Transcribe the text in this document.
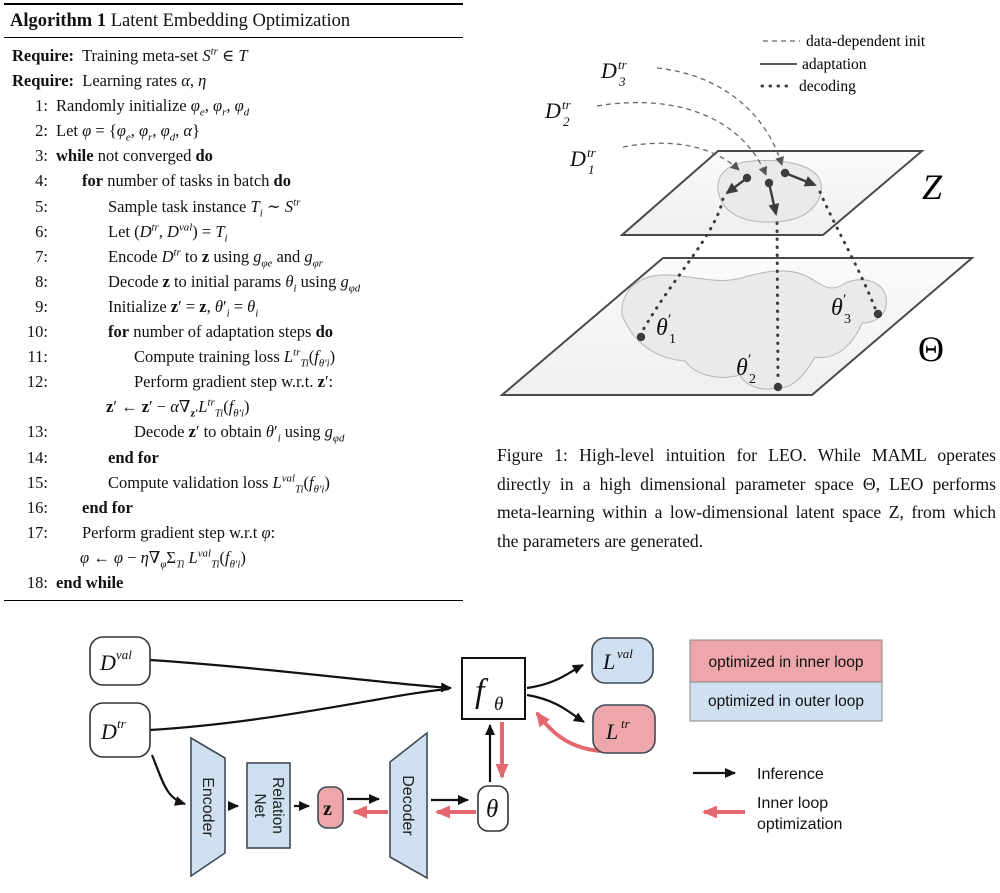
Algorithm 1 Latent Embedding Optimization
Require:  Training meta-set $S^{tr}$ ∈ T
Require:  Learning rates α, η
1: Randomly initialize $\varphi_e$, $\varphi_r$, $\varphi_d$
2: Let $\varphi = \{\varphi_e$, $\varphi_r$, $\varphi_d$, α}
3: while not converged do
4: for number of tasks in batch do
5:	Sample task instance $T_i$ ∼ $S^{tr}$
6:	Let ($D^{tr}$, $D^{val}) = T_i$
7:	Encode $D^{tr}$ to z using $g_{\varphi e}$ and $g_{\varphi r}$
8:	Decode z to initial params $\theta_i$ using $g_{\varphi d}$
9:	Initialize z′ = z, $\theta'_i = \theta_i$
10:	for number of adaptation steps do
11:	Compute training loss $L^{tr}_{Ti}(f_{\theta'i})$
12:	Perform gradient step w.r.t. z′:
z′ ← $z' - \alpha\nabla_{z'}L^{tr}_{Ti}(f_{\theta'i})$
13:	Decode z′ to obtain $\theta'_i$ using $g_{\varphi d}$
14:	end for
15:	Compute validation loss $L^{val}_{Ti}(f_{\theta'i})$
16: end for
17: Perform gradient step w.r.t φ:
φ ← $\varphi - \eta\nabla_\varphi\Sigma_{Ti}$ $L^{val}_{Ti}(f_{\theta'i})$
18: end while
data-dependent init
adaptation
decoding
D tr
3
D tr
2
D tr
1	Z
Θ
θ ′
1
θ ′
2
θ ′
3
Figure 1: High-level intuition for LEO. While MAML operates directly in a high dimensional parameter space Θ, LEO performs meta-learning within a low-dimensional latent space Z, from which the parameters are generated.
D val
D tr
z	θ
f θ
L val
L tr
Encoder	Relation
Net	Decoder
optimized in inner loop
optimized in outer loop
Inference
Inner loop
optimization
